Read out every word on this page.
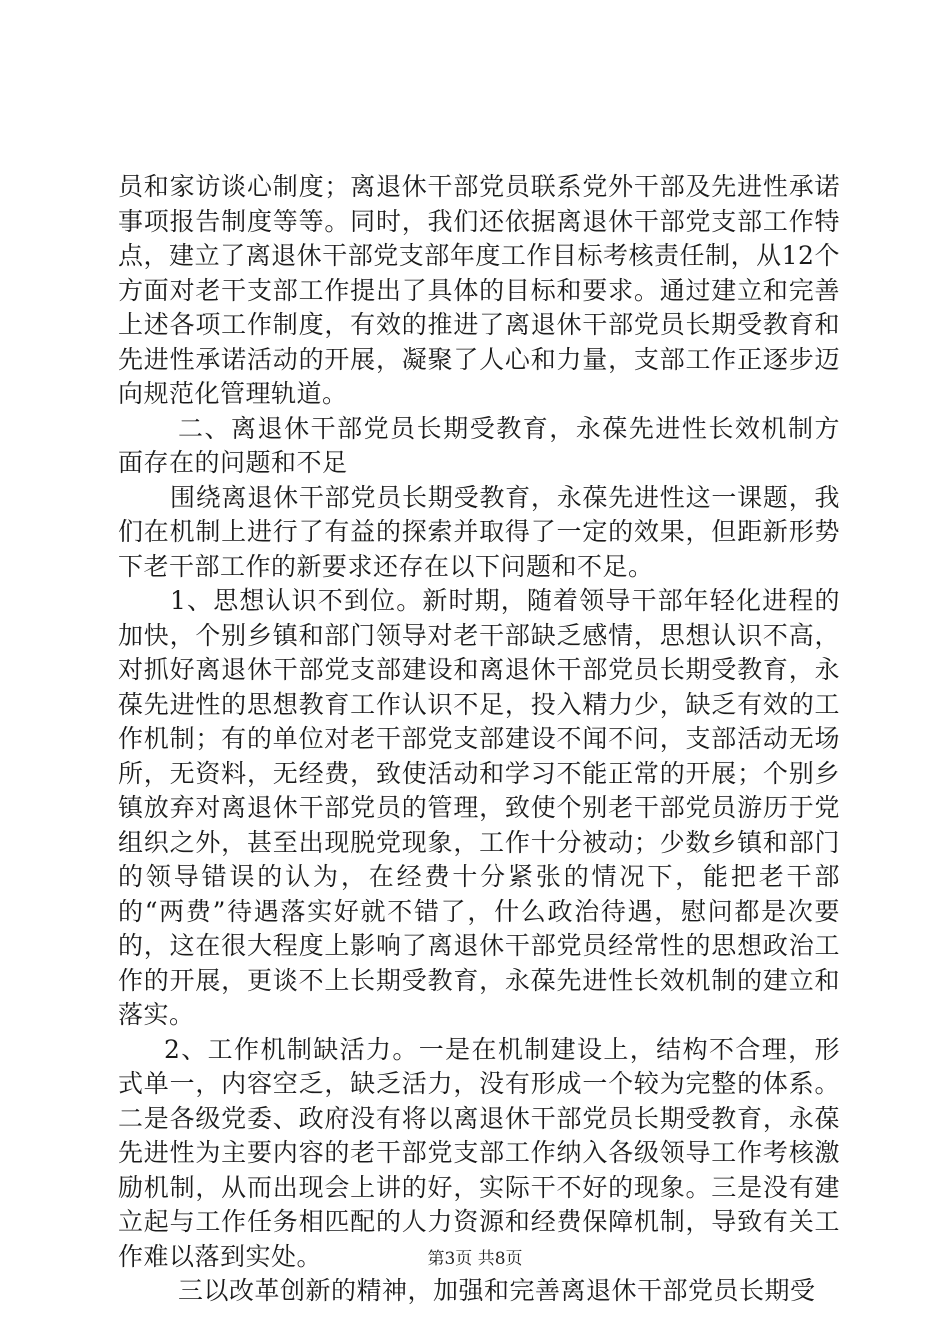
员和家访谈心制度；离退休干部党员联系党外干部及先进性承诺事项报告制度等等。同时，我们还依据离退休干部党支部工作特点，建立了离退休干部党支部年度工作目标考核责任制，从12个方面对老干支部工作提出了具体的目标和要求。通过建立和完善上述各项工作制度，有效的推进了离退休干部党员长期受教育和先进性承诺活动的开展，凝聚了人心和力量，支部工作正逐步迈向规范化管理轨道。

二、离退休干部党员长期受教育，永葆先进性长效机制方面存在的问题和不足

围绕离退休干部党员长期受教育，永葆先进性这一课题，我们在机制上进行了有益的探索并取得了一定的效果，但距新形势下老干部工作的新要求还存在以下问题和不足。

1、思想认识不到位。新时期，随着领导干部年轻化进程的加快，个别乡镇和部门领导对老干部缺乏感情，思想认识不高，对抓好离退休干部党支部建设和离退休干部党员长期受教育，永葆先进性的思想教育工作认识不足，投入精力少，缺乏有效的工作机制；有的单位对老干部党支部建设不闻不问，支部活动无场所，无资料，无经费，致使活动和学习不能正常的开展；个别乡镇放弃对离退休干部党员的管理，致使个别老干部党员游历于党组织之外，甚至出现脱党现象，工作十分被动；少数乡镇和部门的领导错误的认为，在经费十分紧张的情况下，能把老干部的“两费”待遇落实好就不错了，什么政治待遇，慰问都是次要的，这在很大程度上影响了离退休干部党员经常性的思想政治工作的开展，更谈不上长期受教育，永葆先进性长效机制的建立和落实。

2、工作机制缺活力。一是在机制建设上，结构不合理，形式单一，内容空乏，缺乏活力，没有形成一个较为完整的体系。二是各级党委、政府没有将以离退休干部党员长期受教育，永葆先进性为主要内容的老干部党支部工作纳入各级领导工作考核激励机制，从而出现会上讲的好，实际干不好的现象。三是没有建立起与工作任务相匹配的人力资源和经费保障机制，导致有关工作难以落到实处。

三以改革创新的精神，加强和完善离退休干部党员长期受

第3页 共8页
